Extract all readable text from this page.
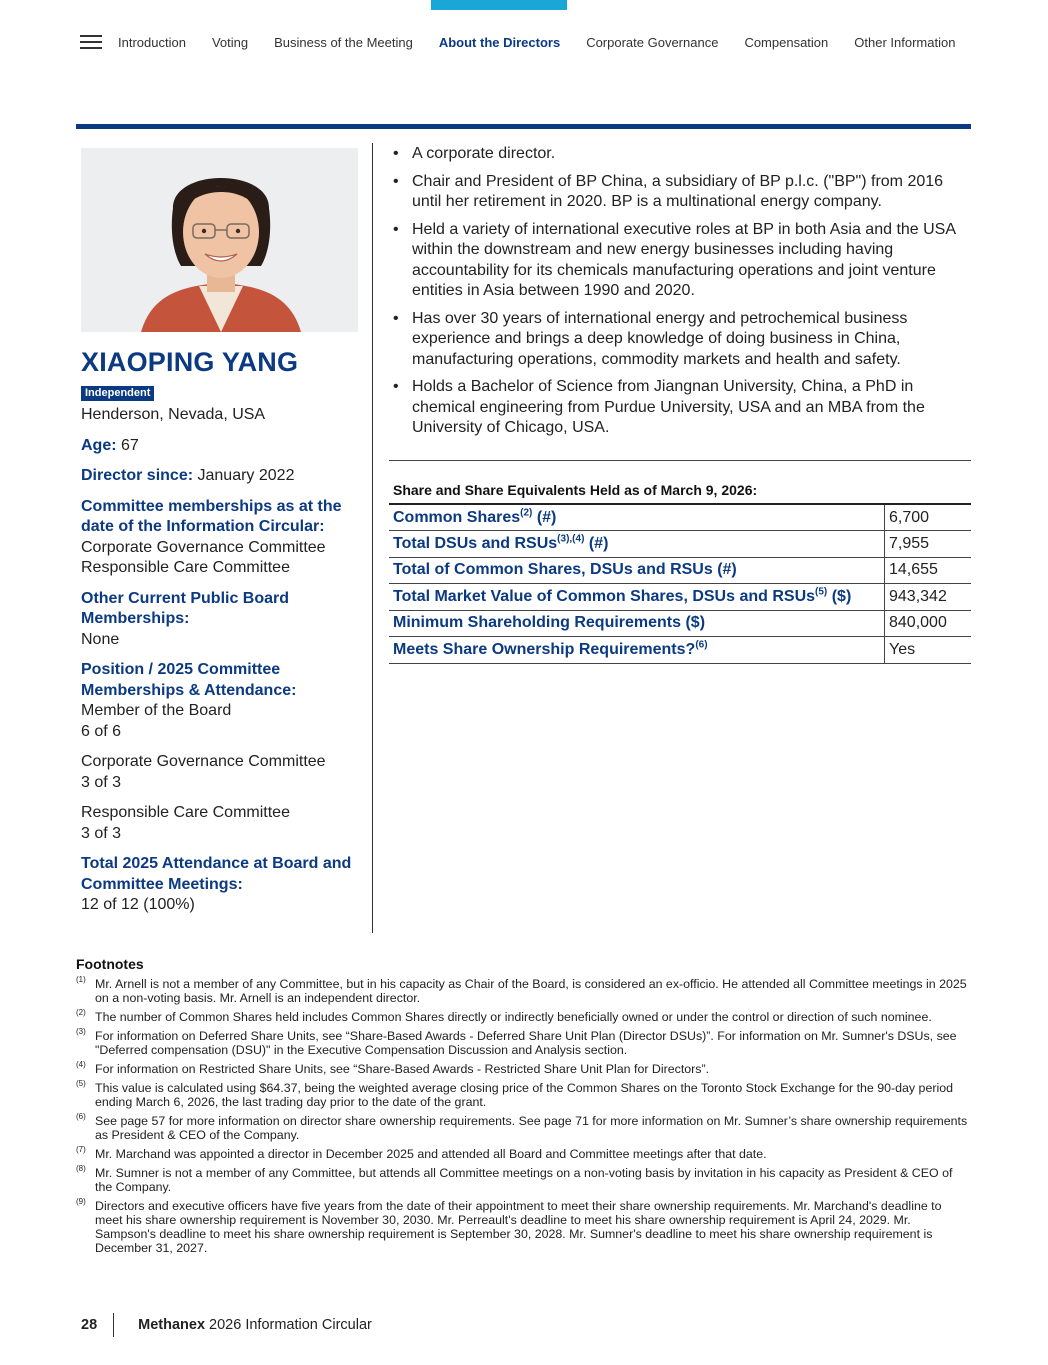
Introduction Voting Business of the Meeting About the Directors Corporate Governance Compensation Other Information
XIAOPING YANG
Independent
Henderson, Nevada, USA
Age: 67
Director since: January 2022
Committee memberships as at the date of the Information Circular:
Corporate Governance Committee
Responsible Care Committee
Other Current Public Board Memberships:
None
Position / 2025 Committee Memberships & Attendance:
Member of the Board
6 of 6
Corporate Governance Committee
3 of 3
Responsible Care Committee
3 of 3
Total 2025 Attendance at Board and Committee Meetings:
12 of 12 (100%)
• A corporate director.
• Chair and President of BP China, a subsidiary of BP p.l.c. ("BP") from 2016 until her retirement in 2020. BP is a multinational energy company.
• Held a variety of international executive roles at BP in both Asia and the USA within the downstream and new energy businesses including having accountability for its chemicals manufacturing operations and joint venture entities in Asia between 1990 and 2020.
• Has over 30 years of international energy and petrochemical business experience and brings a deep knowledge of doing business in China, manufacturing operations, commodity markets and health and safety.
• Holds a Bachelor of Science from Jiangnan University, China, a PhD in chemical engineering from Purdue University, USA and an MBA from the University of Chicago, USA.
Share and Share Equivalents Held as of March 9, 2026:
Common Shares$^{(2)}$ (#)	6,700
Total DSUs and RSUs$^{(3),(4)}$ (#)	7,955
Total of Common Shares, DSUs and RSUs (#)	14,655
Total Market Value of Common Shares, DSUs and RSUs$^{(5)}$ ($)	943,342
Minimum Shareholding Requirements ($)	840,000
Meets Share Ownership Requirements?$^{(6)}$	Yes
Footnotes
(1) Mr. Arnell is not a member of any Committee, but in his capacity as Chair of the Board, is considered an ex-officio. He attended all Committee meetings in 2025 on a non-voting basis. Mr. Arnell is an independent director.
(2) The number of Common Shares held includes Common Shares directly or indirectly beneficially owned or under the control or direction of such nominee.
(3) For information on Deferred Share Units, see “Share-Based Awards - Deferred Share Unit Plan (Director DSUs)”. For information on Mr. Sumner's DSUs, see "Deferred compensation (DSU)" in the Executive Compensation Discussion and Analysis section.
(4) For information on Restricted Share Units, see “Share-Based Awards - Restricted Share Unit Plan for Directors”.
(5) This value is calculated using $64.37, being the weighted average closing price of the Common Shares on the Toronto Stock Exchange for the 90-day period ending March 6, 2026, the last trading day prior to the date of the grant.
(6) See page 57 for more information on director share ownership requirements. See page 71 for more information on Mr. Sumner’s share ownership requirements as President & CEO of the Company.
(7) Mr. Marchand was appointed a director in December 2025 and attended all Board and Committee meetings after that date.
(8) Mr. Sumner is not a member of any Committee, but attends all Committee meetings on a non-voting basis by invitation in his capacity as President & CEO of the Company.
(9) Directors and executive officers have five years from the date of their appointment to meet their share ownership requirements. Mr. Marchand's deadline to meet his share ownership requirement is November 30, 2030. Mr. Perreault's deadline to meet his share ownership requirement is April 24, 2029. Mr. Sampson's deadline to meet his share ownership requirement is September 30, 2028. Mr. Sumner's deadline to meet his share ownership requirement is December 31, 2027.
28	Methanex 2026 Information Circular
